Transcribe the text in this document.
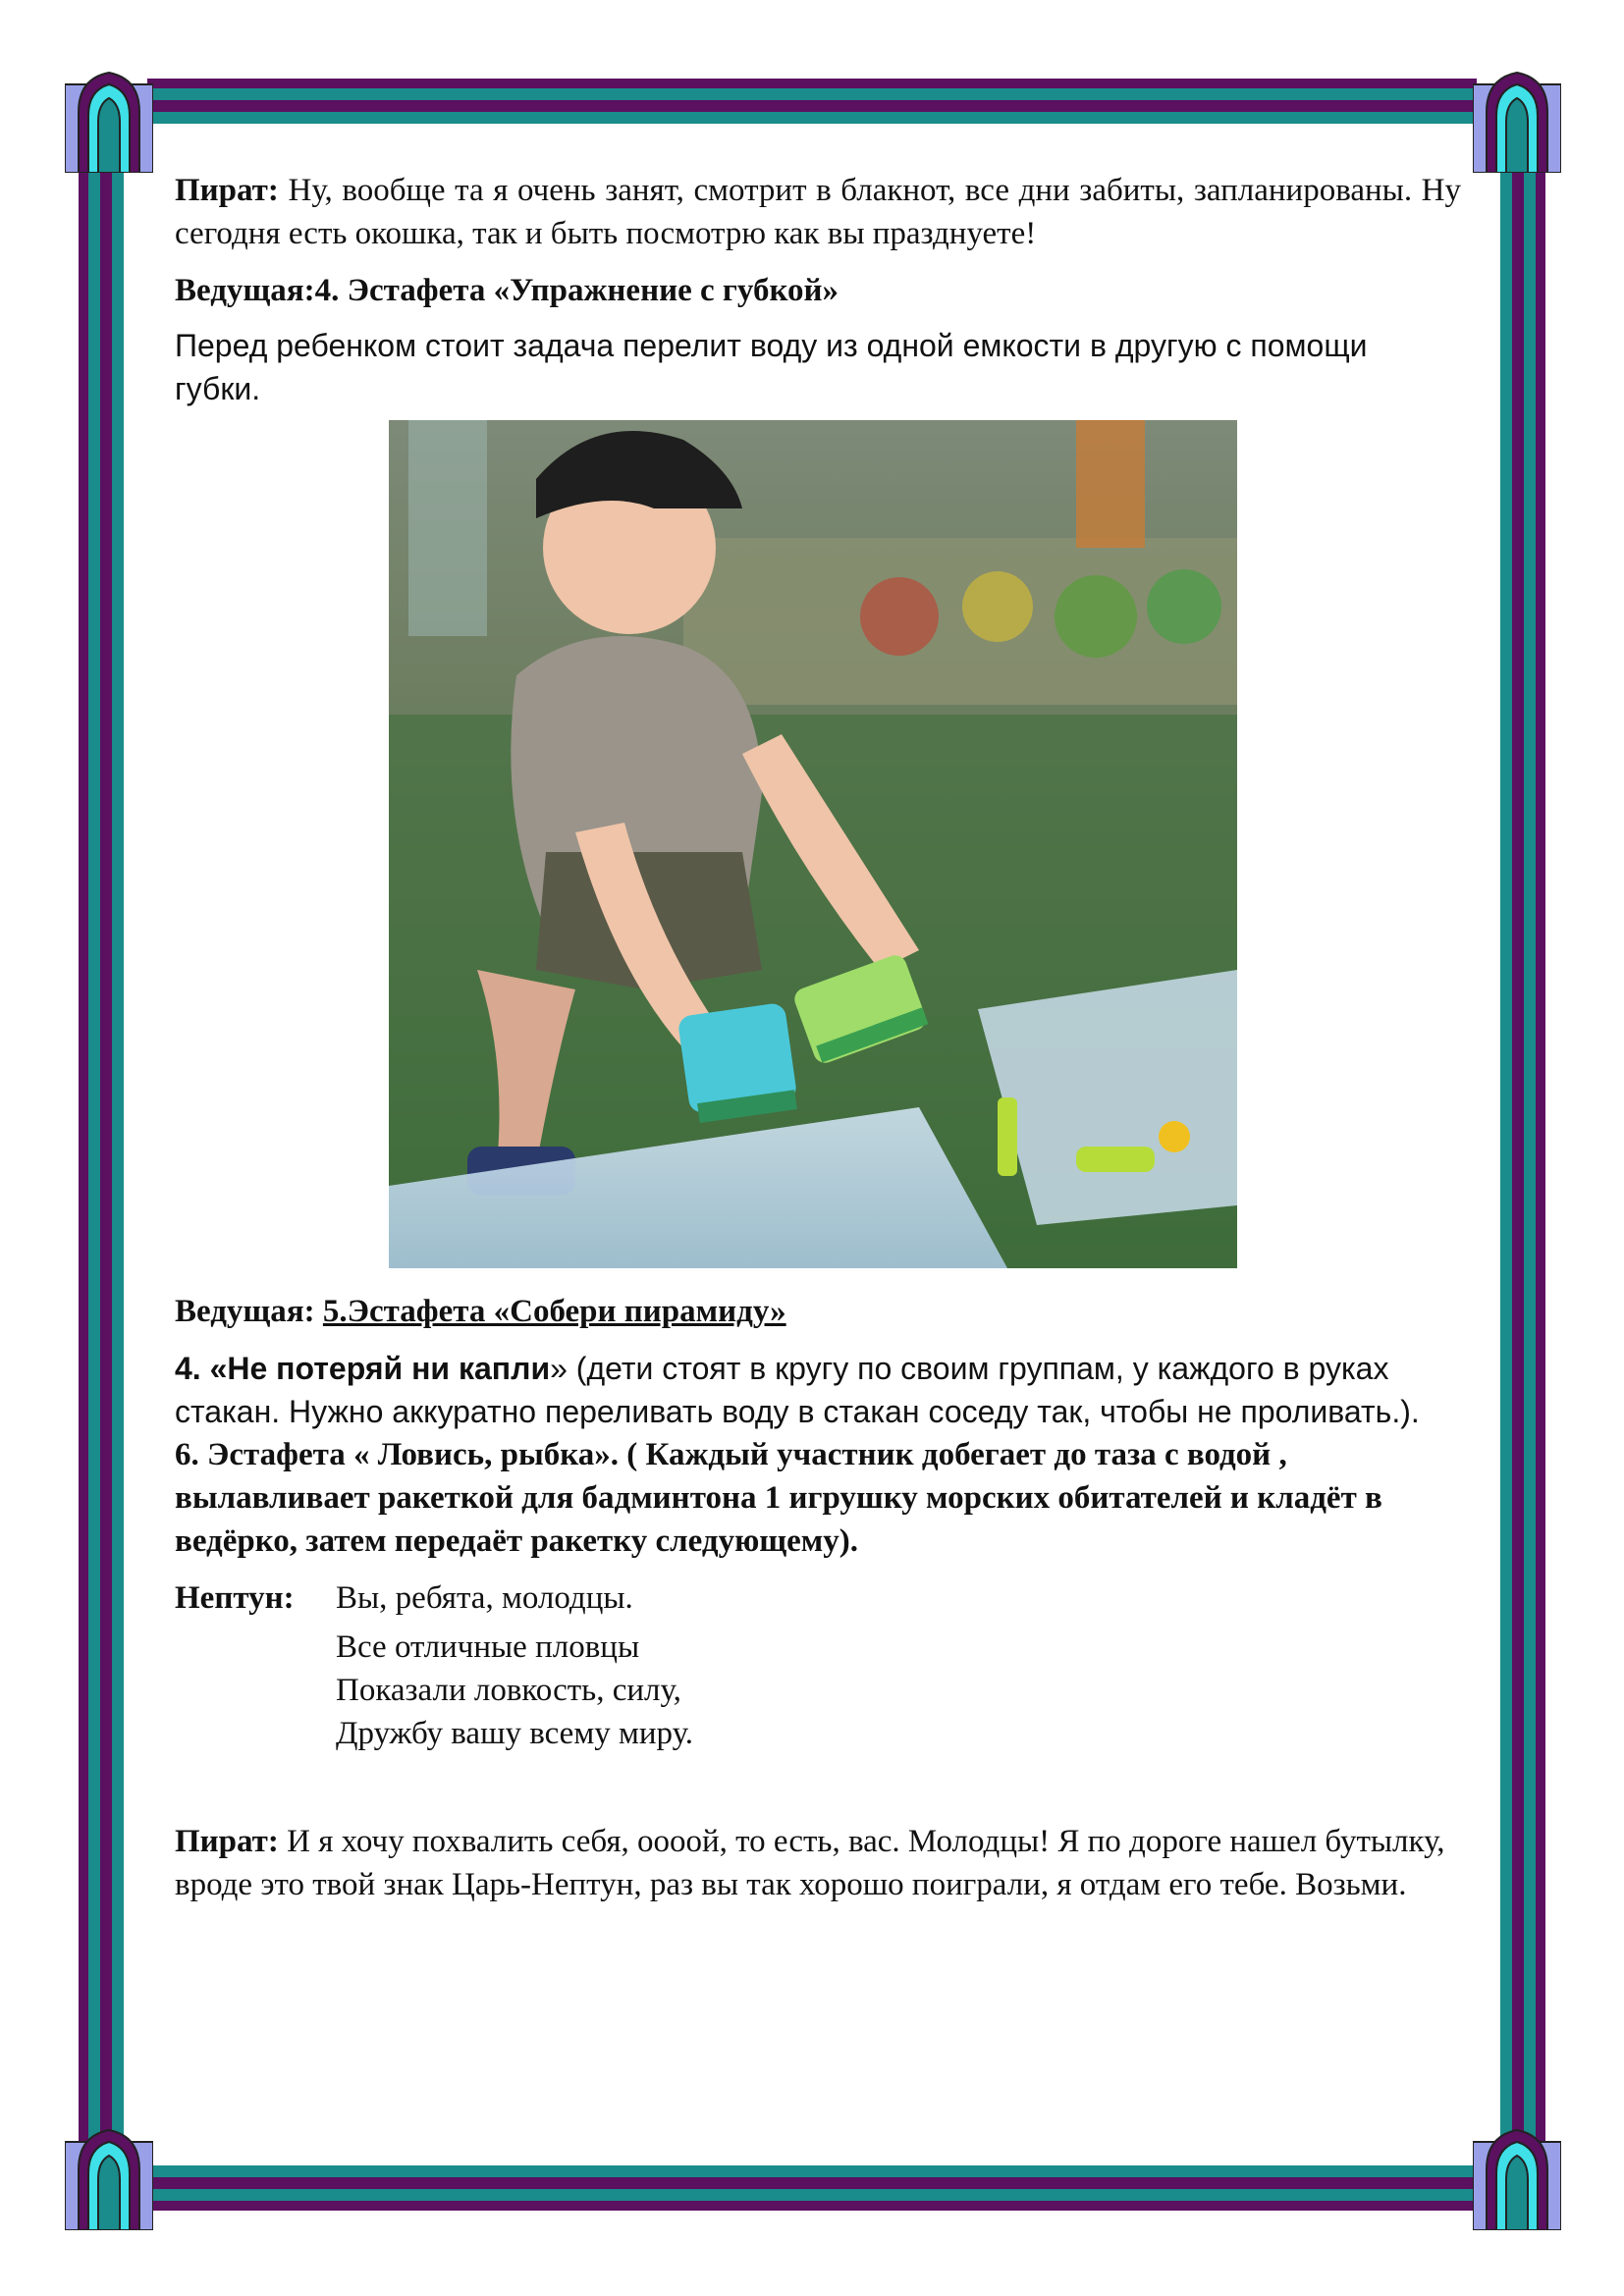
Пират: Ну, вообще та я очень занят, смотрит в блакнот, все дни забиты, запланированы. Ну сегодня есть окошка, так и быть посмотрю как вы празднуете!

Ведущая:4. Эстафета «Упражнение с губкой»

Перед ребенком стоит задача перелит воду из одной емкости в другую с помощи губки.

Ведущая: 5.Эстафета «Собери пирамиду»

4. «Не потеряй ни капли» (дети стоят в кругу по своим группам, у каждого в руках стакан. Нужно аккуратно переливать воду в стакан соседу так, чтобы не проливать.).

6. Эстафета « Ловись, рыбка». ( Каждый участник добегает до таза с водой , вылавливает ракеткой для бадминтона 1 игрушку морских обитателей и кладёт в ведёрко, затем передаёт ракетку следующему).

Нептун:	Вы, ребята, молодцы.

Все отличные пловцы

Показали ловкость, силу,

Дружбу вашу всему миру.

Пират: И я хочу похвалить себя, оооой, то есть, вас. Молодцы! Я по дороге нашел бутылку, вроде это твой знак Царь-Нептун, раз вы так хорошо поиграли, я отдам его тебе. Возьми.
